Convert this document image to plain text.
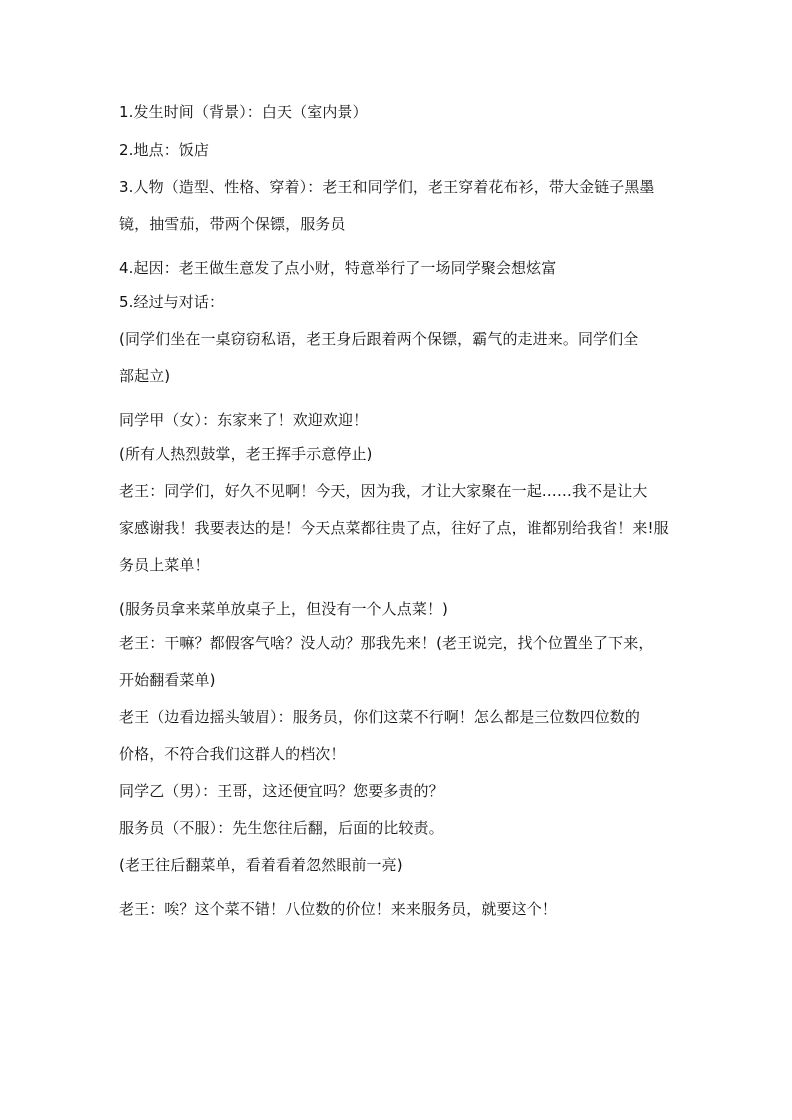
1.发生时间（背景）：白天（室内景）
2.地点：饭店
3.人物（造型、性格、穿着）：老王和同学们，老王穿着花布衫，带大金链子黑墨
镜，抽雪茄，带两个保镖，服务员
4.起因：老王做生意发了点小财，特意举行了一场同学聚会想炫富
5.经过与对话：
(同学们坐在一桌窃窃私语，老王身后跟着两个保镖，霸气的走进来。同学们全
部起立)
同学甲（女）：东家来了！欢迎欢迎！
(所有人热烈鼓掌，老王挥手示意停止)
老王：同学们，好久不见啊！今天，因为我，才让大家聚在一起……我不是让大
家感谢我！我要表达的是！今天点菜都往贵了点，往好了点，谁都别给我省！来!服
务员上菜单！
(服务员拿来菜单放桌子上，但没有一个人点菜！)
老王：干嘛？都假客气啥？没人动？那我先来！(老王说完，找个位置坐了下来，
开始翻看菜单)
老王（边看边摇头皱眉）：服务员，你们这菜不行啊！怎么都是三位数四位数的
价格，不符合我们这群人的档次！
同学乙（男）：王哥，这还便宜吗？您要多责的？
服务员（不服）：先生您往后翻，后面的比较责。
(老王往后翻菜单，看着看着忽然眼前一亮)
老王：唉？这个菜不错！八位数的价位！来来服务员，就要这个！
